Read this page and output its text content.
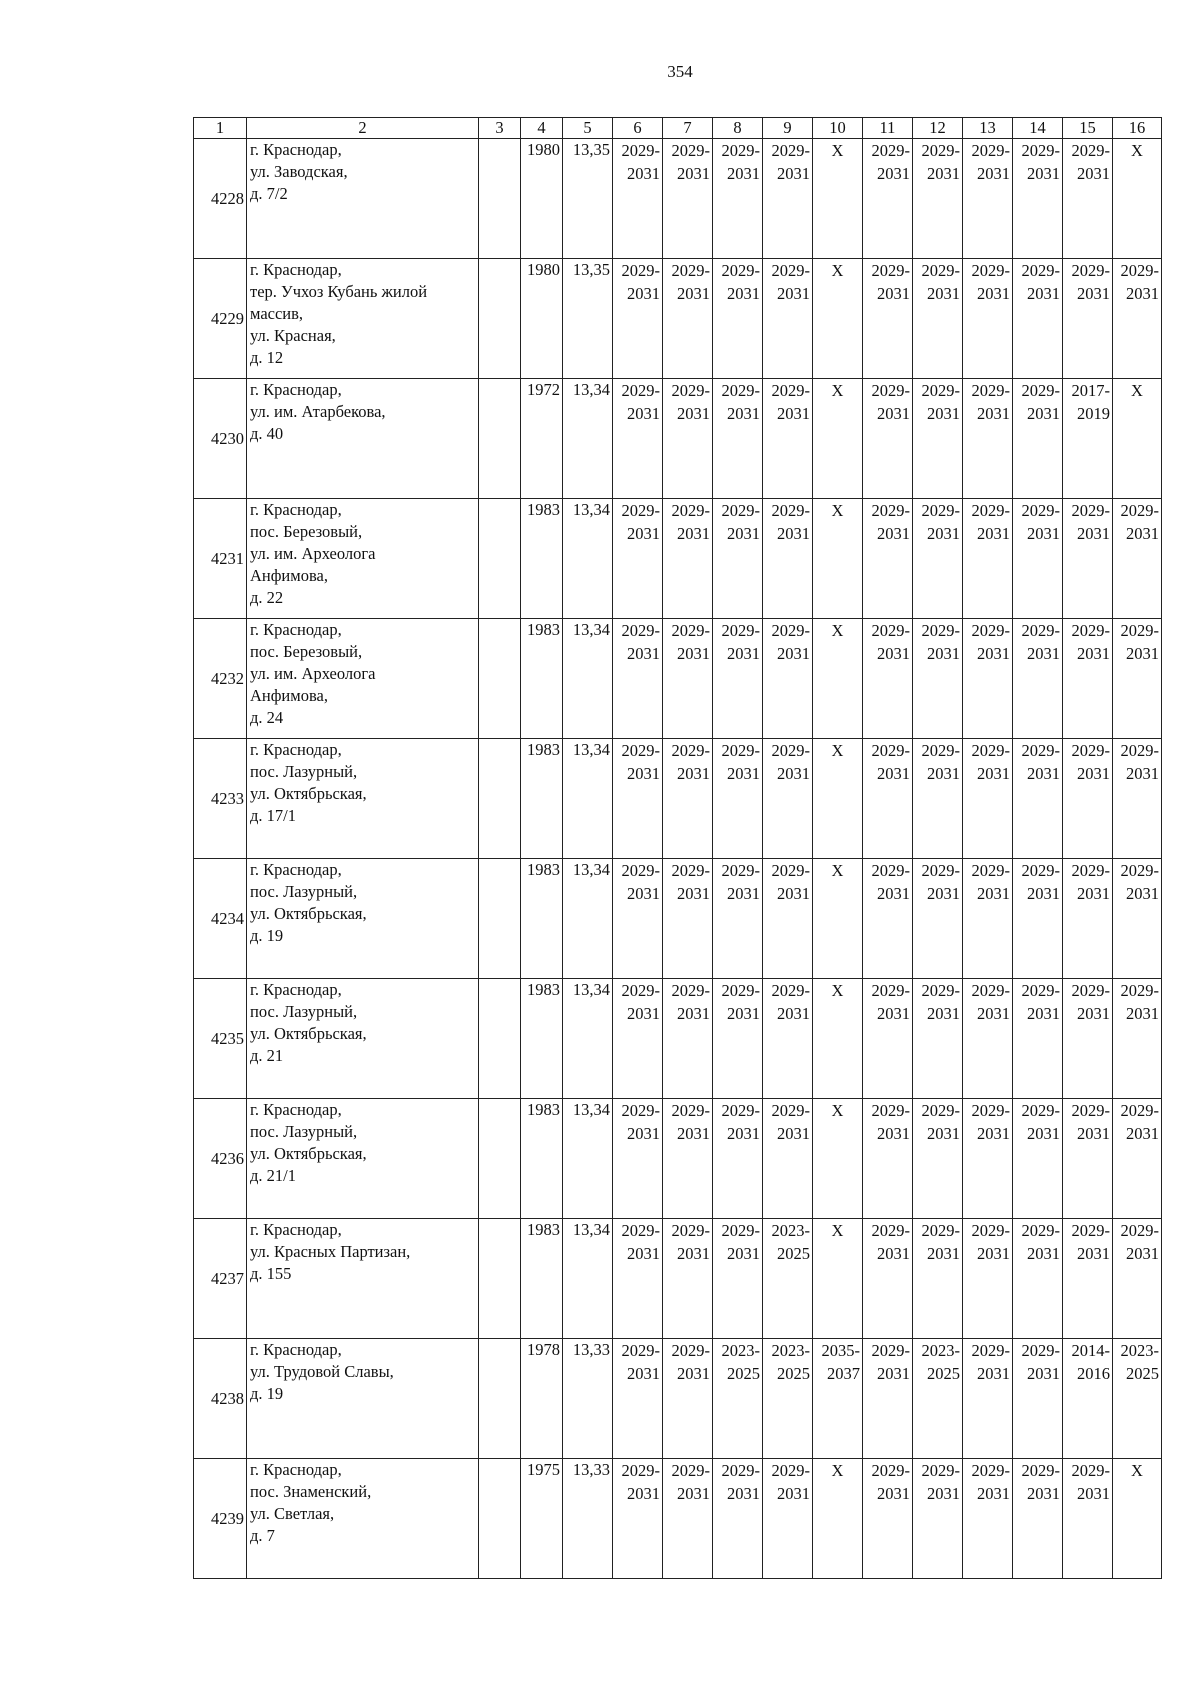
354
1	2	3	4	5	6	7	8	9	10	11	12	13	14	15	16
4228	г. Краснодар,
ул. Заводская,
д. 7/2		1980	13,35	2029-
2031	2029-
2031	2029-
2031	2029-
2031	X	2029-
2031	2029-
2031	2029-
2031	2029-
2031	2029-
2031	X
4229	г. Краснодар,
тер. Учхоз Кубань жилой
массив,
ул. Красная,
д. 12		1980	13,35	2029-
2031	2029-
2031	2029-
2031	2029-
2031	X	2029-
2031	2029-
2031	2029-
2031	2029-
2031	2029-
2031	2029-
2031

4230	г. Краснодар,
ул. им. Атарбекова,
д. 40		1972	13,34	2029-
2031	2029-
2031	2029-
2031	2029-
2031	X	2029-
2031	2029-
2031	2029-
2031	2029-
2031	2017-
2019	X
4231	г. Краснодар,
пос. Березовый,
ул. им. Археолога
Анфимова,
д. 22		1983	13,34	2029-
2031	2029-
2031	2029-
2031	2029-
2031	X	2029-
2031	2029-
2031	2029-
2031	2029-
2031	2029-
2031	2029-
2031

4232	г. Краснодар,
пос. Березовый,
ул. им. Археолога
Анфимова,
д. 24		1983	13,34	2029-
2031	2029-
2031	2029-
2031	2029-
2031	X	2029-
2031	2029-
2031	2029-
2031	2029-
2031	2029-
2031	2029-
2031

4233	г. Краснодар,
пос. Лазурный,
ул. Октябрьская,
д. 17/1		1983	13,34	2029-
2031	2029-
2031	2029-
2031	2029-
2031	X	2029-
2031	2029-
2031	2029-
2031	2029-
2031	2029-
2031	2029-
2031

4234	г. Краснодар,
пос. Лазурный,
ул. Октябрьская,
д. 19		1983	13,34	2029-
2031	2029-
2031	2029-
2031	2029-
2031	X	2029-
2031	2029-
2031	2029-
2031	2029-
2031	2029-
2031	2029-
2031

4235	г. Краснодар,
пос. Лазурный,
ул. Октябрьская,
д. 21		1983	13,34	2029-
2031	2029-
2031	2029-
2031	2029-
2031	X	2029-
2031	2029-
2031	2029-
2031	2029-
2031	2029-
2031	2029-
2031

4236	г. Краснодар,
пос. Лазурный,
ул. Октябрьская,
д. 21/1		1983	13,34	2029-
2031	2029-
2031	2029-
2031	2029-
2031	X	2029-
2031	2029-
2031	2029-
2031	2029-
2031	2029-
2031	2029-
2031

4237	г. Краснодар,
ул. Красных Партизан,
д. 155		1983	13,34	2029-
2031	2029-
2031	2029-
2031	2023-
2025	X	2029-
2031	2029-
2031	2029-
2031	2029-
2031	2029-
2031	2029-
2031

4238	г. Краснодар,
ул. Трудовой Славы,
д. 19		1978	13,33	2029-
2031	2029-
2031	2023-
2025	2023-
2025	2035-
2037	2029-
2031	2023-
2025	2029-
2031	2029-
2031	2014-
2016	2023-
2025

4239	г. Краснодар,
пос. Знаменский,
ул. Светлая,
д. 7		1975	13,33	2029-
2031	2029-
2031	2029-
2031	2029-
2031	X	2029-
2031	2029-
2031	2029-
2031	2029-
2031	2029-
2031	X
